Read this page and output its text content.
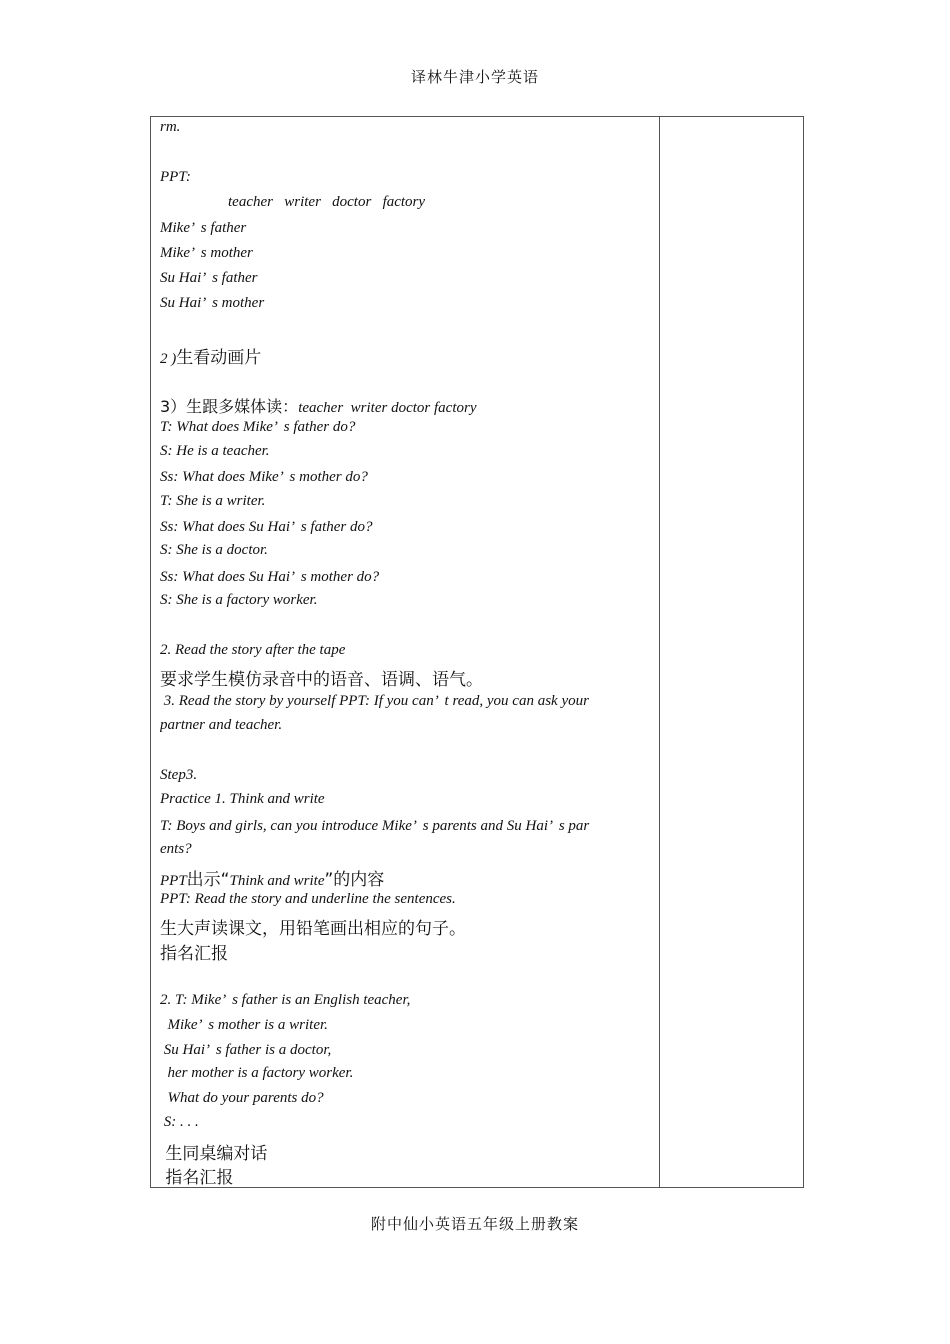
译林牛津小学英语
rm.
PPT:
teacher   writer   doctor   factory
Mike’  s father
Mike’  s mother
Su Hai’  s father
Su Hai’  s mother
2 )生看动画片
3）生跟多媒体读：teacher  writer doctor factory
T: What does Mike’  s father do?
S: He is a teacher.
Ss: What does Mike’  s mother do?
T: She is a writer.
Ss: What does Su Hai’  s father do?
S: She is a doctor.
Ss: What does Su Hai’  s mother do?
S: She is a factory worker.
2. Read the story after the tape
要求学生模仿录音中的语音、语调、语气。
3. Read the story by yourself PPT: If you can’  t read, you can ask your
partner and teacher.
Step3.
Practice 1. Think and write
T: Boys and girls, can you introduce Mike’  s parents and Su Hai’  s par
ents?
PPT出示“Think and write”的内容
PPT: Read the story and underline the sentences.
生大声读课文，用铅笔画出相应的句子。
指名汇报
2. T: Mike’  s father is an English teacher,
Mike’  s mother is a writer.
Su Hai’  s father is a doctor,
her mother is a factory worker.
What do your parents do?
S: . . .
生同桌编对话
指名汇报
附中仙小英语五年级上册教案
